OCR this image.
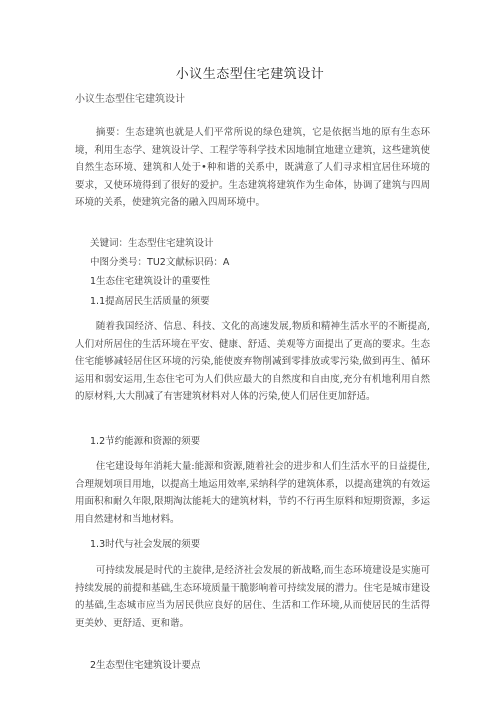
小议生态型住宅建筑设计
小议生态型住宅建筑设计
摘要：生态建筑也就是人们平常所说的绿色建筑，它是依据当地的原有生态环境，利用生态学、建筑设计学、工程学等科学技术因地制宜地建立建筑，这些建筑使自然生态环境、建筑和人处于•种和谐的关系中，既满意了人们寻求相宜居住环境的要求，又使环境得到了很好的爱护。生态建筑将建筑作为生命体，协调了建筑与四周环境的关系，使建筑完备的融入四周环境中。
关键词：生态型住宅建筑设计
中图分类号：TU2文献标识码：A
1生态住宅建筑设计的重要性
1.1提高居民生活质量的须要
随着我国经济、信息、科技、文化的高速发展,物质和精神生活水平的不断提高,人们对所居住的生活环境在平安、健康、舒适、美观等方面提出了更高的要求。生态住宅能够减轻居住区环境的污染,能使废弃物削减到零排放或零污染,做到再生、循环运用和弱安运用,生态住宅可为人们供应最大的自然度和自由度,充分有机地利用自然的原材料,大大削减了有害建筑材料对人体的污染,使人们居住更加舒适。
1.2节约能源和资源的须要
住宅建设每年消耗大量:能源和资源,随着社会的进步和人们生活水平的日益提住,合理规划项目用地，以提高土地运用效率,采纳科学的建筑体系，以提高建筑的有效运用面积和耐久年限,限期淘汰能耗大的建筑材料，节约不行再生原料和短期资源，多运用自然建材和当地材料。
1.3时代与社会发展的须要
可持续发展是时代的主旋律,是经济社会发展的新战略,而生态环境建设是实施可持续发展的前提和基础,生态环境质量干脆影响着可持续发展的潜力。住宅是城市建设的基础,生态城市应当为居民供应良好的居住、生活和工作环境,从而使居民的生活得更美妙、更舒适、更和谐。
2生态型住宅建筑设计要点
